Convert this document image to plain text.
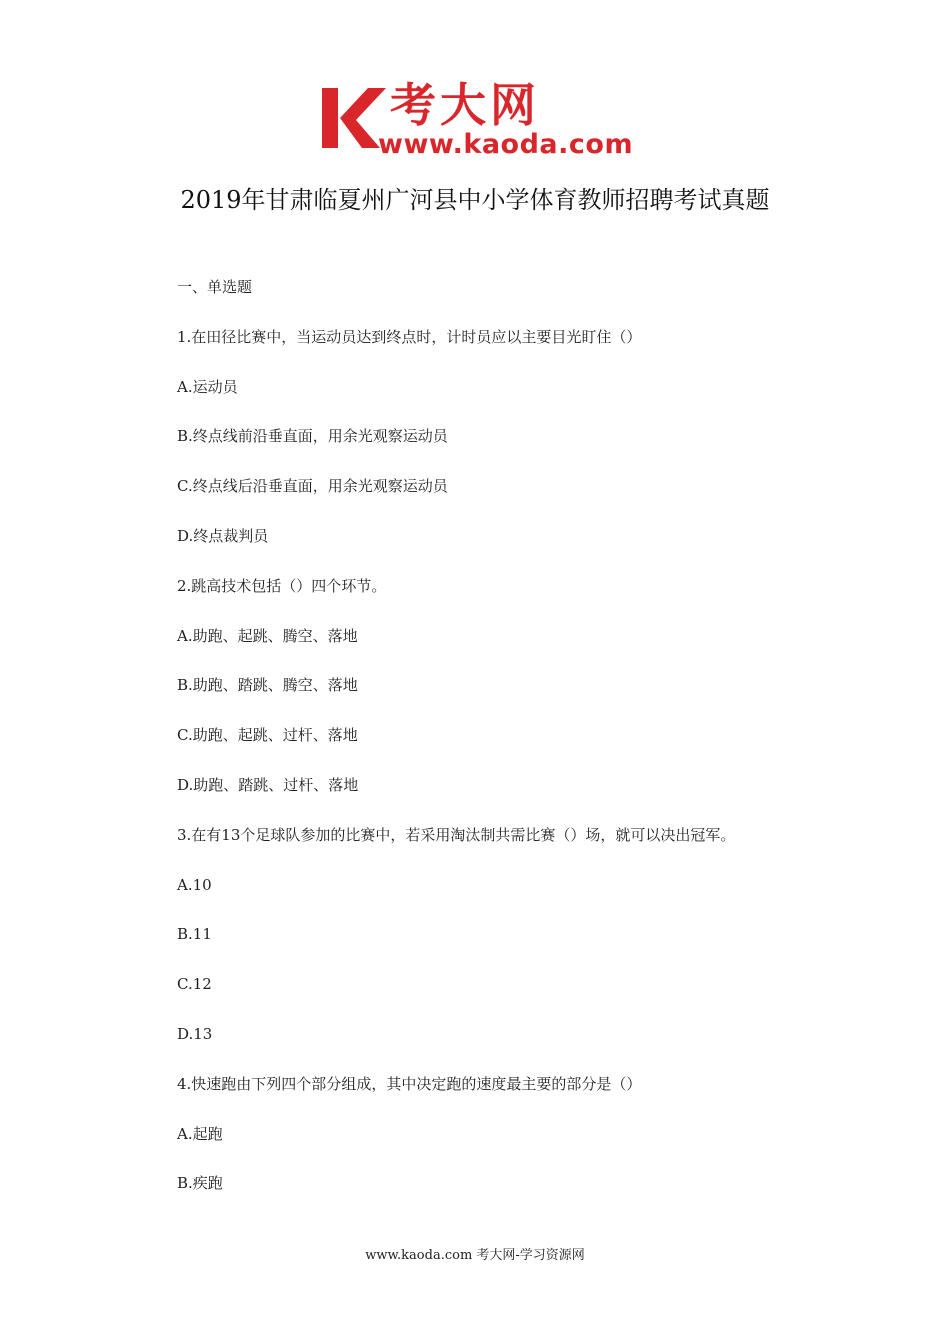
考大网
www.kaoda.com
2019年甘肃临夏州广河县中小学体育教师招聘考试真题
一、单选题
1.在田径比赛中，当运动员达到终点时，计时员应以主要目光盯住（）
A.运动员
B.终点线前沿垂直面，用余光观察运动员
C.终点线后沿垂直面，用余光观察运动员
D.终点裁判员
2.跳高技术包括（）四个环节。
A.助跑、起跳、腾空、落地
B.助跑、踏跳、腾空、落地
C.助跑、起跳、过杆、落地
D.助跑、踏跳、过杆、落地
3.在有13个足球队参加的比赛中，若采用淘汰制共需比赛（）场，就可以决出冠军。
A.10
B.11
C.12
D.13
4.快速跑由下列四个部分组成，其中决定跑的速度最主要的部分是（）
A.起跑
B.疾跑
www.kaoda.com 考大网-学习资源网
